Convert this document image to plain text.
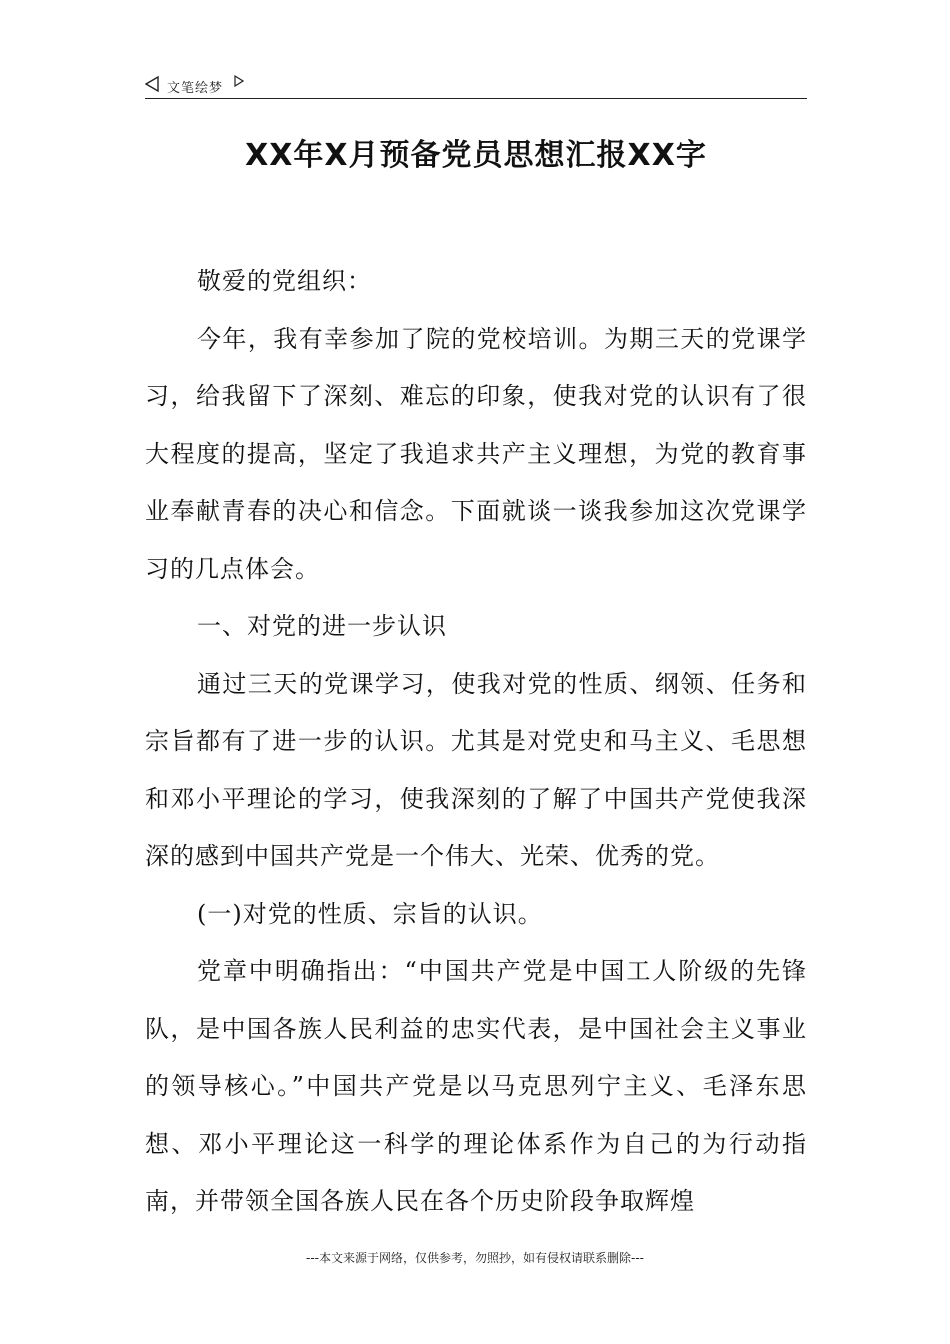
文笔绘梦
XX年X月预备党员思想汇报XX字

敬爱的党组织：

今年，我有幸参加了院的党校培训。为期三天的党课学习，给我留下了深刻、难忘的印象，使我对党的认识有了很大程度的提高，坚定了我追求共产主义理想，为党的教育事业奉献青春的决心和信念。下面就谈一谈我参加这次党课学习的几点体会。

一、对党的进一步认识

通过三天的党课学习，使我对党的性质、纲领、任务和宗旨都有了进一步的认识。尤其是对党史和马主义、毛思想和邓小平理论的学习，使我深刻的了解了中国共产党使我深深的感到中国共产党是一个伟大、光荣、优秀的党。

(一)对党的性质、宗旨的认识。

党章中明确指出：“中国共产党是中国工人阶级的先锋队，是中国各族人民利益的忠实代表，是中国社会主义事业的领导核心。”中国共产党是以马克思列宁主义、毛泽东思想、邓小平理论这一科学的理论体系作为自己的为行动指南，并带领全国各族人民在各个历史阶段争取辉煌

---本文来源于网络，仅供参考，勿照抄，如有侵权请联系删除---
